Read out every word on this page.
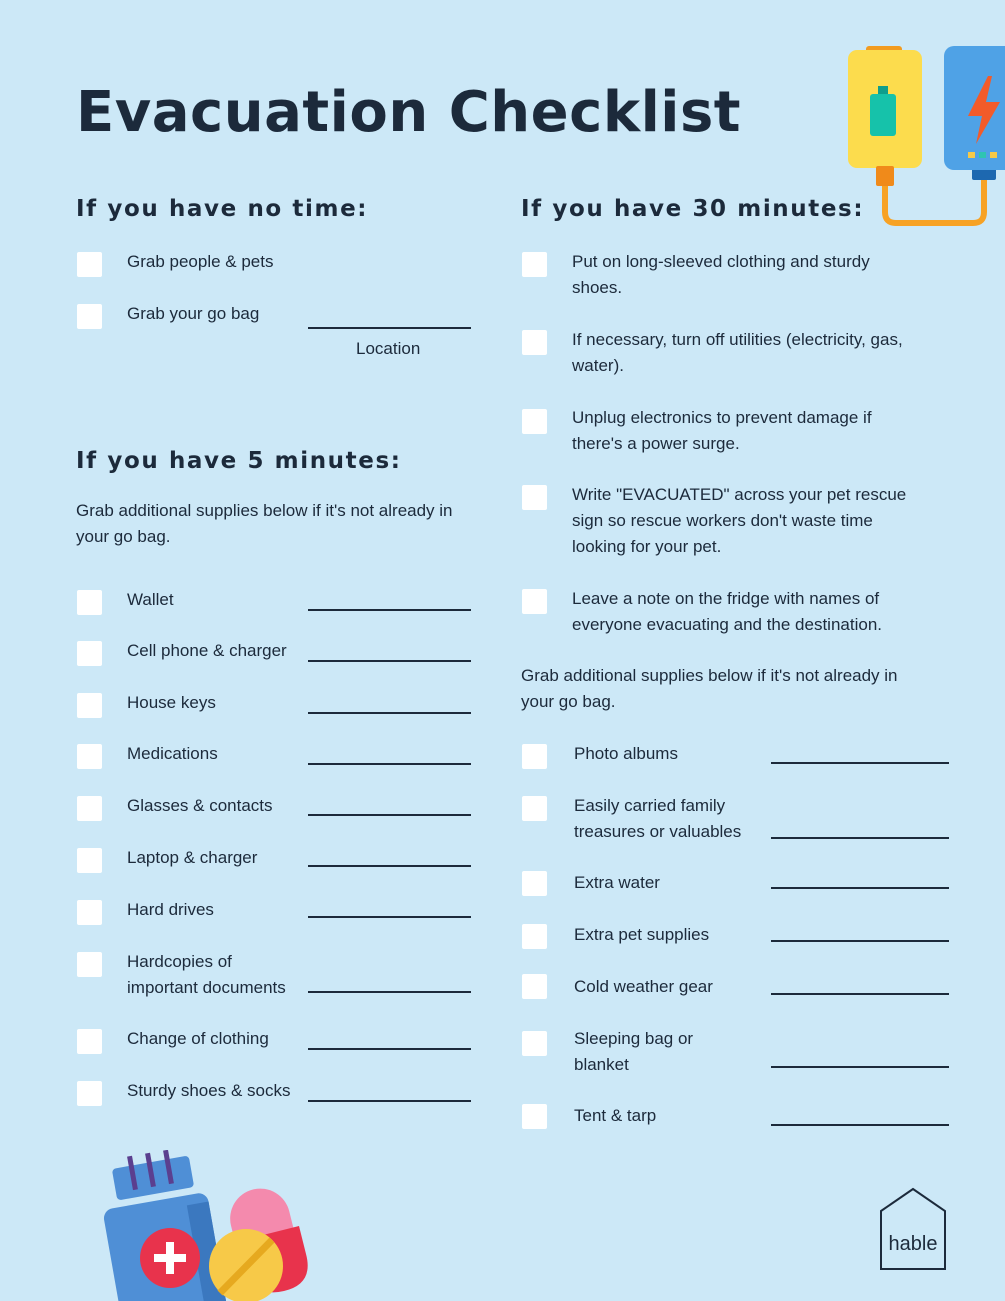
Evacuation Checklist
If you have no time:
Grab people & pets
Grab your go bag
Location
If you have 5 minutes:
Grab additional supplies below if it's not already in your go bag.
Wallet
Cell phone & charger
House keys
Medications
Glasses & contacts
Laptop & charger
Hard drives
Hardcopies of important documents
Change of clothing
Sturdy shoes & socks
If you have 30 minutes:
Put on long-sleeved clothing and sturdy shoes.
If necessary, turn off utilities (electricity, gas, water).
Unplug electronics to prevent damage if there's a power surge.
Write "EVACUATED" across your pet rescue sign so rescue workers don't waste time looking for your pet.
Leave a note on the fridge with names of everyone evacuating and the destination.
Grab additional supplies below if it's not already in your go bag.
Photo albums
Easily carried family treasures or valuables
Extra water
Extra pet supplies
Cold weather gear
Sleeping bag or blanket
Tent & tarp
hable
